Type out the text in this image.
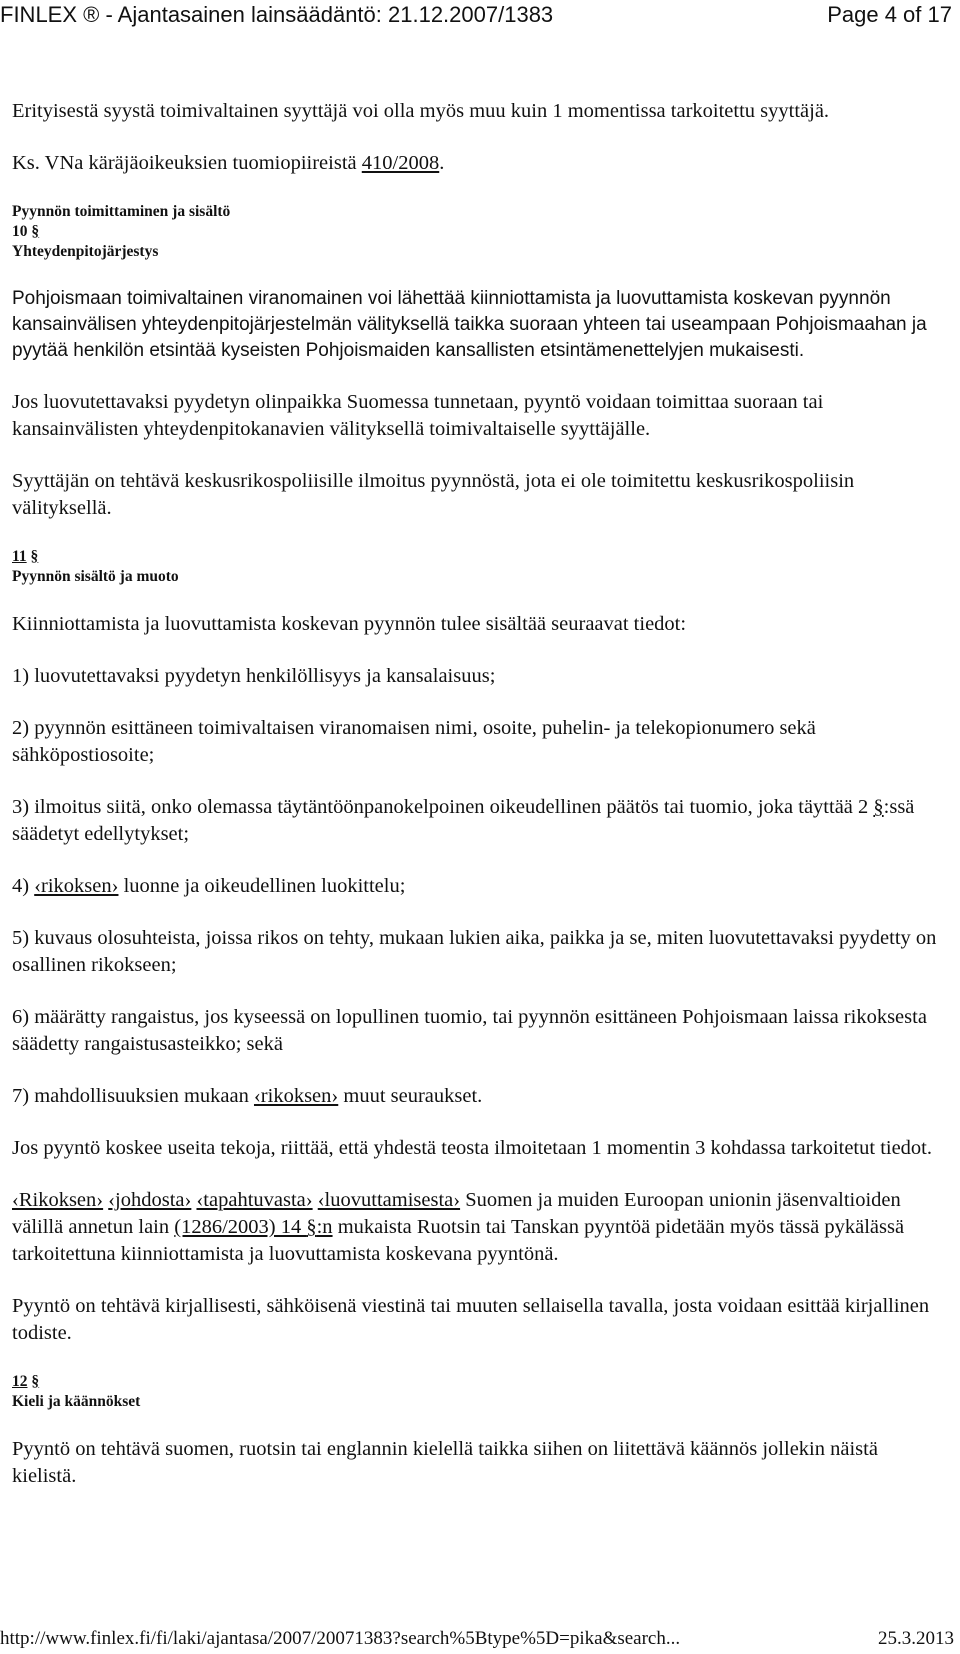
FINLEX ® - Ajantasainen lainsäädäntö: 21.12.2007/1383	Page 4 of 17

Erityisestä syystä toimivaltainen syyttäjä voi olla myös muu kuin 1 momentissa tarkoitettu syyttäjä.

Ks. VNa käräjäoikeuksien tuomiopiireistä 410/2008.

Pyynnön toimittaminen ja sisältö
10 §
Yhteydenpitojärjestys

Pohjoismaan toimivaltainen viranomainen voi lähettää kiinniottamista ja luovuttamista koskevan pyynnön kansainvälisen yhteydenpitojärjestelmän välityksellä taikka suoraan yhteen tai useampaan Pohjoismaahan ja pyytää henkilön etsintää kyseisten Pohjoismaiden kansallisten etsintämenettelyjen mukaisesti.

Jos luovutettavaksi pyydetyn olinpaikka Suomessa tunnetaan, pyyntö voidaan toimittaa suoraan tai kansainvälisten yhteydenpitokanavien välityksellä toimivaltaiselle syyttäjälle.

Syyttäjän on tehtävä keskusrikospoliisille ilmoitus pyynnöstä, jota ei ole toimitettu keskusrikospoliisin välityksellä.

11 §
Pyynnön sisältö ja muoto

Kiinniottamista ja luovuttamista koskevan pyynnön tulee sisältää seuraavat tiedot:

1) luovutettavaksi pyydetyn henkilöllisyys ja kansalaisuus;

2) pyynnön esittäneen toimivaltaisen viranomaisen nimi, osoite, puhelin- ja telekopionumero sekä sähköpostiosoite;

3) ilmoitus siitä, onko olemassa täytäntöönpanokelpoinen oikeudellinen päätös tai tuomio, joka täyttää 2 §:ssä säädetyt edellytykset;

4) ‹rikoksen› luonne ja oikeudellinen luokittelu;

5) kuvaus olosuhteista, joissa rikos on tehty, mukaan lukien aika, paikka ja se, miten luovutettavaksi pyydetty on osallinen rikokseen;

6) määrätty rangaistus, jos kyseessä on lopullinen tuomio, tai pyynnön esittäneen Pohjoismaan laissa rikoksesta säädetty rangaistusasteikko; sekä

7) mahdollisuuksien mukaan ‹rikoksen› muut seuraukset.

Jos pyyntö koskee useita tekoja, riittää, että yhdestä teosta ilmoitetaan 1 momentin 3 kohdassa tarkoitetut tiedot.

‹Rikoksen› ‹johdosta› ‹tapahtuvasta› ‹luovuttamisesta› Suomen ja muiden Euroopan unionin jäsenvaltioiden välillä annetun lain (1286/2003) 14 §:n mukaista Ruotsin tai Tanskan pyyntöä pidetään myös tässä pykälässä tarkoitettuna kiinniottamista ja luovuttamista koskevana pyyntönä.

Pyyntö on tehtävä kirjallisesti, sähköisenä viestinä tai muuten sellaisella tavalla, josta voidaan esittää kirjallinen todiste.

12 §
Kieli ja käännökset

Pyyntö on tehtävä suomen, ruotsin tai englannin kielellä taikka siihen on liitettävä käännös jollekin näistä kielistä.

http://www.finlex.fi/fi/laki/ajantasa/2007/20071383?search%5Btype%5D=pika&search...	25.3.2013
